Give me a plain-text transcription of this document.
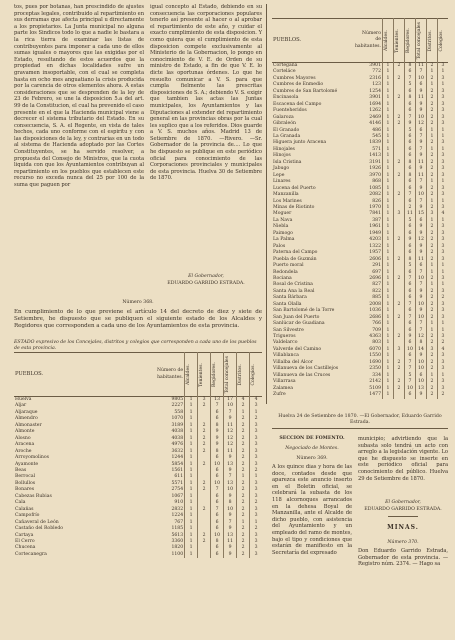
tos, pues por botanas, han prescindido de ajustes proceptas legales, contribuido al repartimiento en sus derramas que afecta principal u directamente a los propietarios. La Junta municipal no alguna parte los Sindicos todo lo que a nadie le bastara a la rica tierra de examinar las listas de contribuyentes para imponer a cada uno de ellos sumas iguales o mayores que las exigidas por el Estado, resultando de estos acuerdos que la propiedad en dichas localidades sufre un gravamen insoportable, con el cual se completa hasta en ocho mes anguatiano la crisis producida por la carencia de otros elementos ahora. A estas consideraciones que se desprenden de la ley de 23 de Febrero, se une la disposicion 5.a del art. 99 de la Constitucion, el cual ha prevenido el caso presente en el que la Hacienda municipal viene a decrecer el sistema tributario del Estado. En su consecuencia, S. A. el Regente, en vista de tales hechos, cada uno conforme con el espiritu y con las disposiciones de la ley, y contrarias en un todo al sistema de Hacienda adoptado por las Cortes Constituyentes, se ha servido resolver, a propuesta del Consejo de Ministros, que la cuota liquida con que los Ayuntamientos contribuyan al repartimiento en los pueblos que establecen este recurso no exceda nunca del 25 por 100 de la suma que paguen por
igual concepto al Estado, debiendo en su consecuencia las corporaciones populares tenerlo así presente al hacer o al aprobar el repartimiento de este año, y cuidar el exacto cumplimiento de esta disposicion. Y como quiera que el cumplimiento de esta disposicion compete exclusivamente al Ministerio de la Gobernacion, lo pongo en conocimiento de V. E. de Orden de su ministro de Estado, a fin de que V. E. lo dicte las oportunas órdenes. Lo que he resuelto comunicar a V. S. para que cumpla fielmente las prescritas disposiciones de S. A.; debiendo V. S. exigir que tambien las actas las Juntas municipales, los Ayuntamientos y las Diputaciones al extender del repartimiento general en las provincias obras por la cual les suplico que a los referidos. Dios guarde a V. S. muchos años. Madrid 13 de Setiembre de 1870. —Rivero. —Sr. Gobernador de la provincia de.... Lo que he dispuesto se publique en este periódico oficial para conocimiento de las Corporaciones provinciales y municipales de esta provincia. Huelva 30 de Setiembre de 1870.
El Gobernador,
EDUARDO GARRIDO ESTRADA.
Número 368.
En cumplimiento de lo que previene el artículo 14 del decreto de diez y siete de Setiembre, he dispuesto que se publiquen el siguiente estado de los Alcaldes y Regidores que corresponden a cada uno de los Ayuntamientos de esta provincia.
ESTADO expresivo de los Concejales, distritos y colegios que corresponden a cada uno de los pueblos de esta provincia.
PUEBLOS.	Número de habitantes.	Alcaldes.	Tenientes.	Regidores.	Total concejales	Distritos.	Colegios.

Huelva	9805	1	3	13	17	4	4
Aljar	2227	1	2	7	10	2	3
Aljaraque	558	1		6	7	1	1
Almendro	1070	1		6	9	2	2
Almonaster	3189	1	2	8	11	2	3
Almonte	4038	1	2	9	12	2	3
Alosno	4038	1	2	9	12	2	3
Aracena	4976	1	2	9	12	2	3
Aroche	3632	1	2	8	11	2	3
Arroyomolinos	1244	1		6	9	2	3
Ayamonte	5854	1	2	10	13	2	3
Beas	1561	1		6	9	2	2
Berrocal	611	1		6	7	1	1
Bollullos	5571	1	2	10	13	2	3
Bonares	2754	1	2	7	10	2	3
Cabezas Rubias	1067	1		6	9	2	3
Cala	910	1		6	8	2	2
Calañas	2832	1	2	7	10	2	3
Campofrío	1224	1		6	9	2	3
Cañaveral de León	767	1		6	7	1	1
Castaño del Robledo	1185	1		6	9	2	2
Cartaya	5613	1	2	10	13	2	3
El Cerro	3360	1	2	8	11	2	3
Chucena	1820	1		6	9	2	3
Cortecanegra	1100	1		6	9	2	3
PUEBLOS.	Número de habitantes.	Alcaldes.	Tenientes.	Regidores.	Total concejales	Distritos.	Colegios.

Cortegana	3901	1	2	8	11	2	3
Corteláce	772	1		6	7	1	1
Cumbres Mayores	2316	1	2	7	10	2	3
Cumbres de Enmedio	123	1		5	6	1	1
Cumbres de San Bartolomé	1254	1		6	9	2	3
Encinasola	3901	1	2	8	11	2	3
Escacena del Campo	1694	1		6	9	2	3
Fuenteheridos	1262	1		6	9	2	3
Galaroza	2469	1	2	7	10	2	3
Gibraleón	4146	1	2	9	12	2	3
El Granado	486	1		5	6	1	1
La Granada	545	1		6	7	1	1
Higuera junto Aracena	1839	1		6	9	2	3
Hinojales	571	1		6	7	1	1
Hinojos	1413	1		6	9	2	3
Isla Cristina	3191	1	2	8	11	2	3
Jabugo	1926	1		6	9	2	3
Lepe	3970	1	2	8	11	2	3
Linares	868	1		6	7	1	1
Lucena del Puerto	1085	1		6	9	2	3
Manzanilla	2082	1	2	7	10	2	3
Los Marines	826	1		6	7	1	1
Minas de Riotinto	1970	1		2	9	2	3
Moguer	7841	1	3	11	15	3	4
La Nava	387	1		5	6	1	1
Niebla	1961	1		6	9	2	3
Paimogo	1949	1		6	9	2	3
La Palma	4203	1	2	9	12	2	3
Palos	1322	1		6	9	2	3
Paterna del Campo	1957	1		6	9	2	3
Puebla de Guzmán	2606	1	2	8	11	2	3
Puerto moral	291	1		5	6	1	1
Redondela	697	1		6	7	1	1
Rociana	2696	1	2	7	10	2	3
Rosal de Cristina	827	1		6	7	1	1
Santa Ana la Real	822	1		6	9	2	3
Santa Bárbara	885	1		6	9	2	2
Santa Olalla	2008	1	2	7	10	2	3
San Bartolomé de la Torre	1036	1		6	9	2	3
San Juan del Puerto	2686	1	2	7	10	2	3
Sanlúcar de Guadiana	766	1		6	7	1	1
San Silvestre	709	1		6	7	1	1
Trigueros	4363	1	2	9	12	2	3
Valdelarco	803	1		6	8	2	2
Valverde del Camino	6070	1	3	10	14	3	4
Villablanca	1550	1		6	9	2	3
Villalba del Alcor	1690	1	2	7	10	2	3
Villanueva de los Castillejos	2350	1	2	7	10	2	3
Villanueva de las Cruces	334	1		5	6	1	1
Villarrasa	2142	1	2	7	10	2	3
Zalamea	5109	1	2	10	13	2	3
Zufre	1477	1		6	9	2	2
Huelva 24 de Setiembre de 1870. —El Gobernador, Eduardo Garrido Estrada.
SECCION DE FOMENTO.
Negociado de Montes.
Número 369.
A los quince días y hora de las doce, contados desde que aparezca este anuncio inserto en el Boletin oficial, se celebrará la subasta de los 118 alcornoques arrancados en la dehesa Boyal de Manzanilla, ante el Alcalde de dicho pueblo, con asistencia del Ayuntamiento y un empleado del ramo de montes, bajo el tipo y condiciones que estarán de manifiesto en la Secretaría del expresado
municipio; advirtiendo que la subasta solo tendrá un acto con arreglo a la legislación vigente. Lo que he dispuesto se inserte en este periódico oficial para conocimiento del público. Huelva 29 de Setiembre de 1870.
El Gobernador,
EDUARDO GARRIDO ESTRADA.
MINAS.
Número 370.
Don Eduardo Garrido Estrada, Gobernador de esta provincia. — Registro núm. 2374. — Hago sa
